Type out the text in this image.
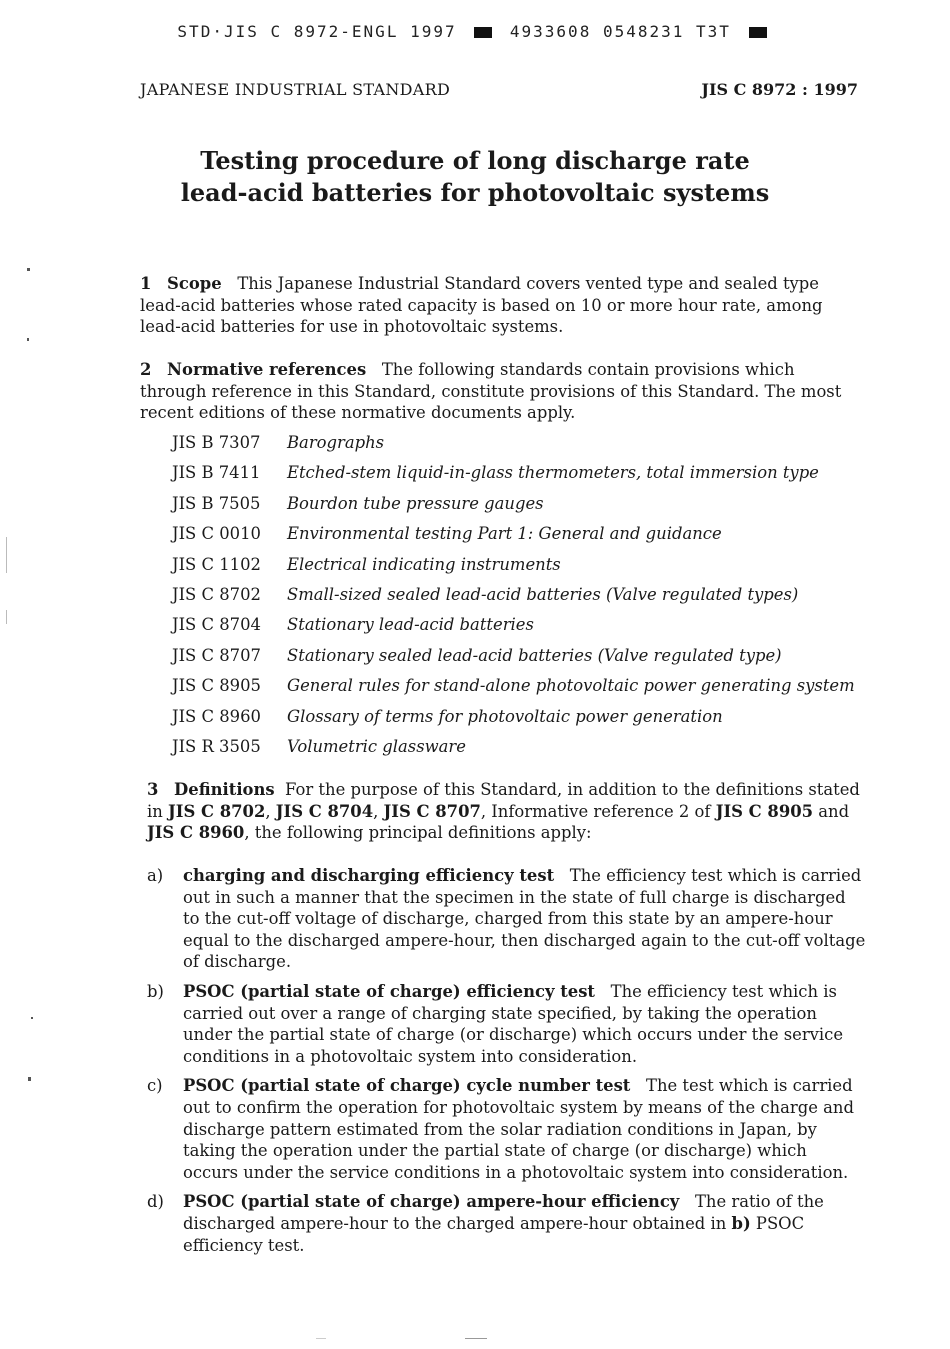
STD·JIS C 8972-ENGL 1997	4933608 0548231 T3T
JAPANESE INDUSTRIAL STANDARD	JIS C 8972 : 1997
Testing procedure of long discharge rate
lead-acid batteries for photovoltaic systems
1 Scope This Japanese Industrial Standard covers vented type and sealed type lead-acid batteries whose rated capacity is based on 10 or more hour rate, among lead-acid batteries for use in photovoltaic systems.
2 Normative references The following standards contain provisions which through reference in this Standard, constitute provisions of this Standard. The most recent editions of these normative documents apply.
JIS B 7307 Barographs
JIS B 7411 Etched-stem liquid-in-glass thermometers, total immersion type
JIS B 7505 Bourdon tube pressure gauges
JIS C 0010 Environmental testing Part 1: General and guidance
JIS C 1102 Electrical indicating instruments
JIS C 8702 Small-sized sealed lead-acid batteries (Valve regulated types)
JIS C 8704 Stationary lead-acid batteries
JIS C 8707 Stationary sealed lead-acid batteries (Valve regulated type)
JIS C 8905 General rules for stand-alone photovoltaic power generating system
JIS C 8960 Glossary of terms for photovoltaic power generation
JIS R 3505 Volumetric glassware
3 Definitions For the purpose of this Standard, in addition to the definitions stated in JIS C 8702, JIS C 8704, JIS C 8707, Informative reference 2 of JIS C 8905 and JIS C 8960, the following principal definitions apply:
a) charging and discharging efficiency test The efficiency test which is carried out in such a manner that the specimen in the state of full charge is discharged to the cut-off voltage of discharge, charged from this state by an ampere-hour equal to the discharged ampere-hour, then discharged again to the cut-off voltage of discharge.
b) PSOC (partial state of charge) efficiency test The efficiency test which is carried out over a range of charging state specified, by taking the operation under the partial state of charge (or discharge) which occurs under the service conditions in a photovoltaic system into consideration.
c) PSOC (partial state of charge) cycle number test The test which is carried out to confirm the operation for photovoltaic system by means of the charge and discharge pattern estimated from the solar radiation conditions in Japan, by taking the operation under the partial state of charge (or discharge) which occurs under the service conditions in a photovoltaic system into consideration.
d) PSOC (partial state of charge) ampere-hour efficiency The ratio of the discharged ampere-hour to the charged ampere-hour obtained in b) PSOC efficiency test.
